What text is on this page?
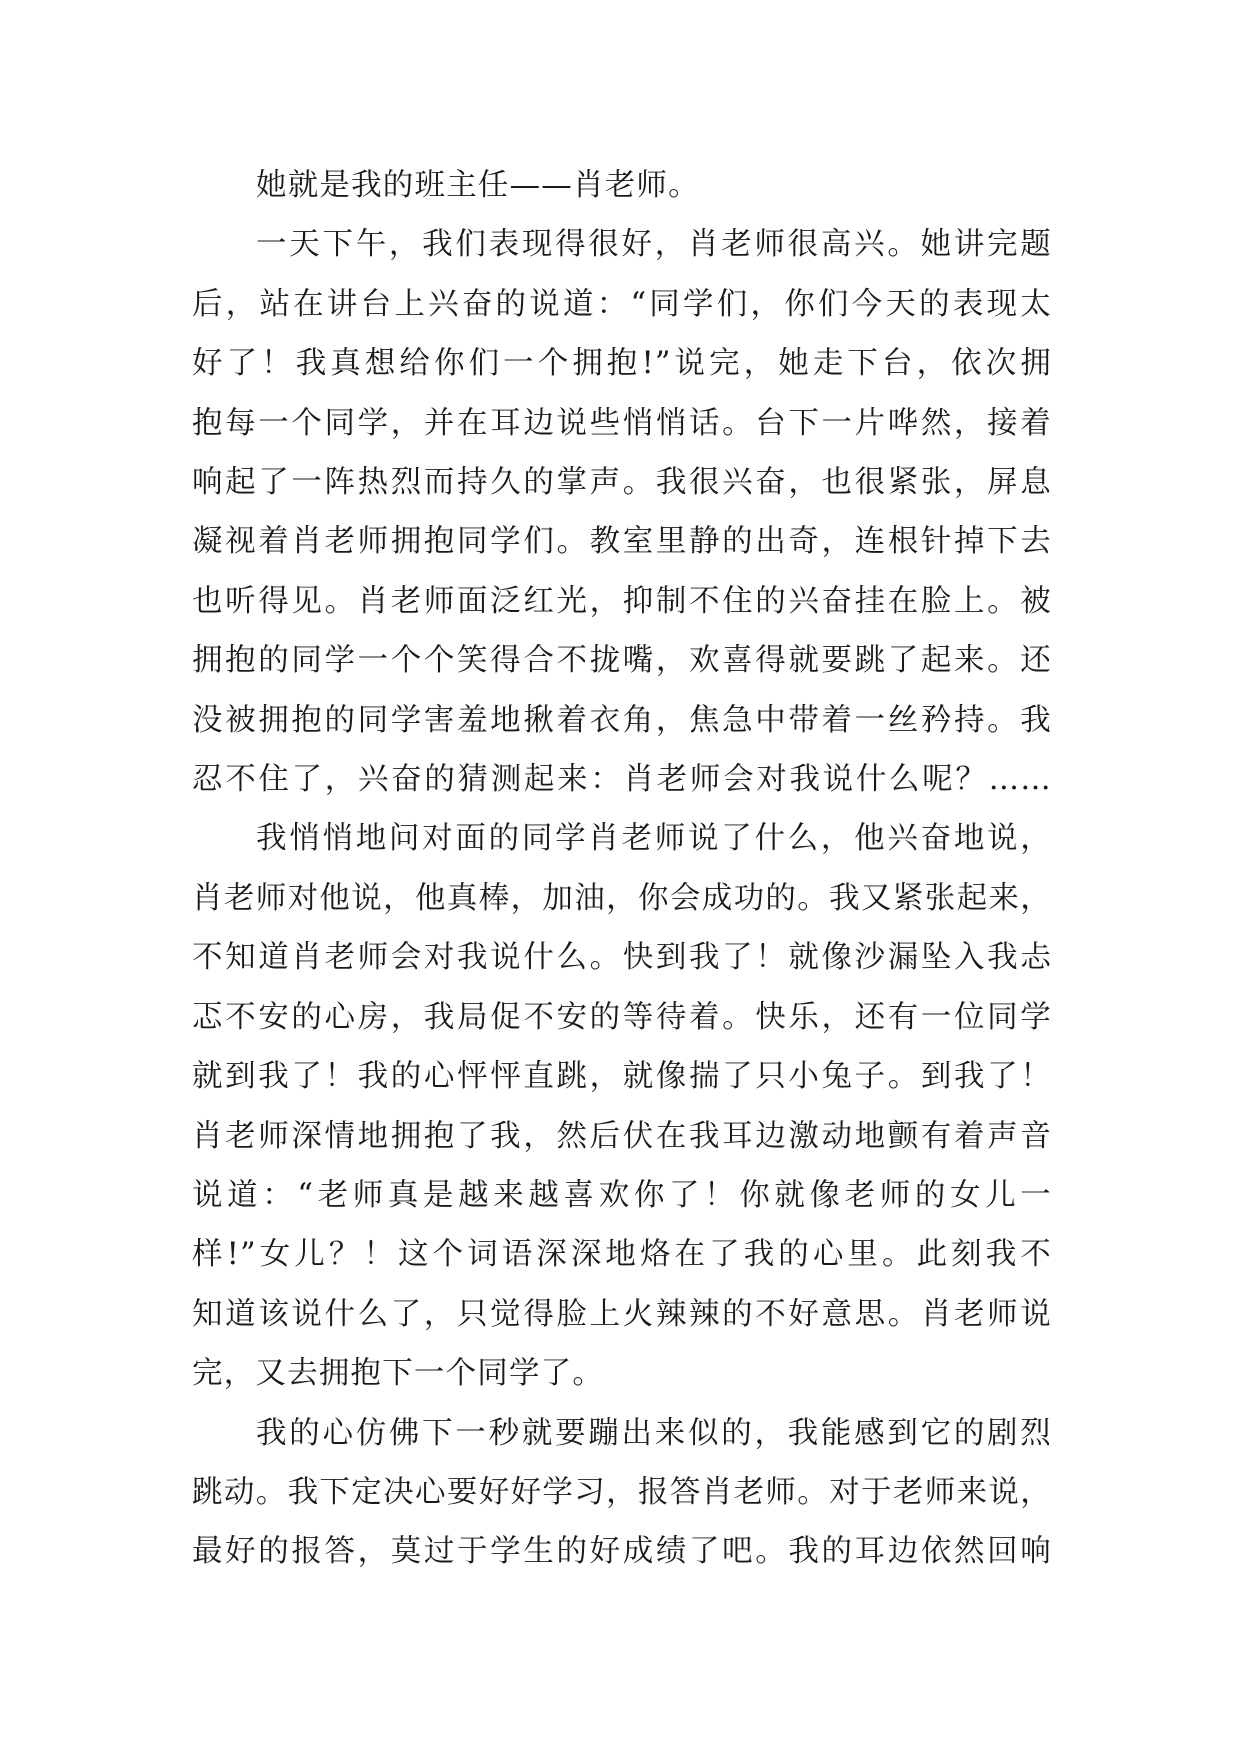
她就是我的班主任——肖老师。

一天下午，我们表现得很好，肖老师很高兴。她讲完题
后，站在讲台上兴奋的说道：“同学们，你们今天的表现太
好了！我真想给你们一个拥抱!”说完，她走下台，依次拥
抱每一个同学，并在耳边说些悄悄话。台下一片哗然，接着
响起了一阵热烈而持久的掌声。我很兴奋，也很紧张，屏息
凝视着肖老师拥抱同学们。教室里静的出奇，连根针掉下去
也听得见。肖老师面泛红光，抑制不住的兴奋挂在脸上。被
拥抱的同学一个个笑得合不拢嘴，欢喜得就要跳了起来。还
没被拥抱的同学害羞地揪着衣角，焦急中带着一丝矜持。我
忍不住了，兴奋的猜测起来：肖老师会对我说什么呢？……

我悄悄地问对面的同学肖老师说了什么，他兴奋地说，
肖老师对他说，他真棒，加油，你会成功的。我又紧张起来，
不知道肖老师会对我说什么。快到我了！就像沙漏坠入我忐
忑不安的心房，我局促不安的等待着。快乐，还有一位同学
就到我了！我的心怦怦直跳，就像揣了只小兔子。到我了！
肖老师深情地拥抱了我，然后伏在我耳边激动地颤有着声音
说道：“老师真是越来越喜欢你了！你就像老师的女儿一
样!”女儿？！这个词语深深地烙在了我的心里。此刻我不
知道该说什么了，只觉得脸上火辣辣的不好意思。肖老师说
完，又去拥抱下一个同学了。

我的心仿佛下一秒就要蹦出来似的，我能感到它的剧烈
跳动。我下定决心要好好学习，报答肖老师。对于老师来说，
最好的报答，莫过于学生的好成绩了吧。我的耳边依然回响
